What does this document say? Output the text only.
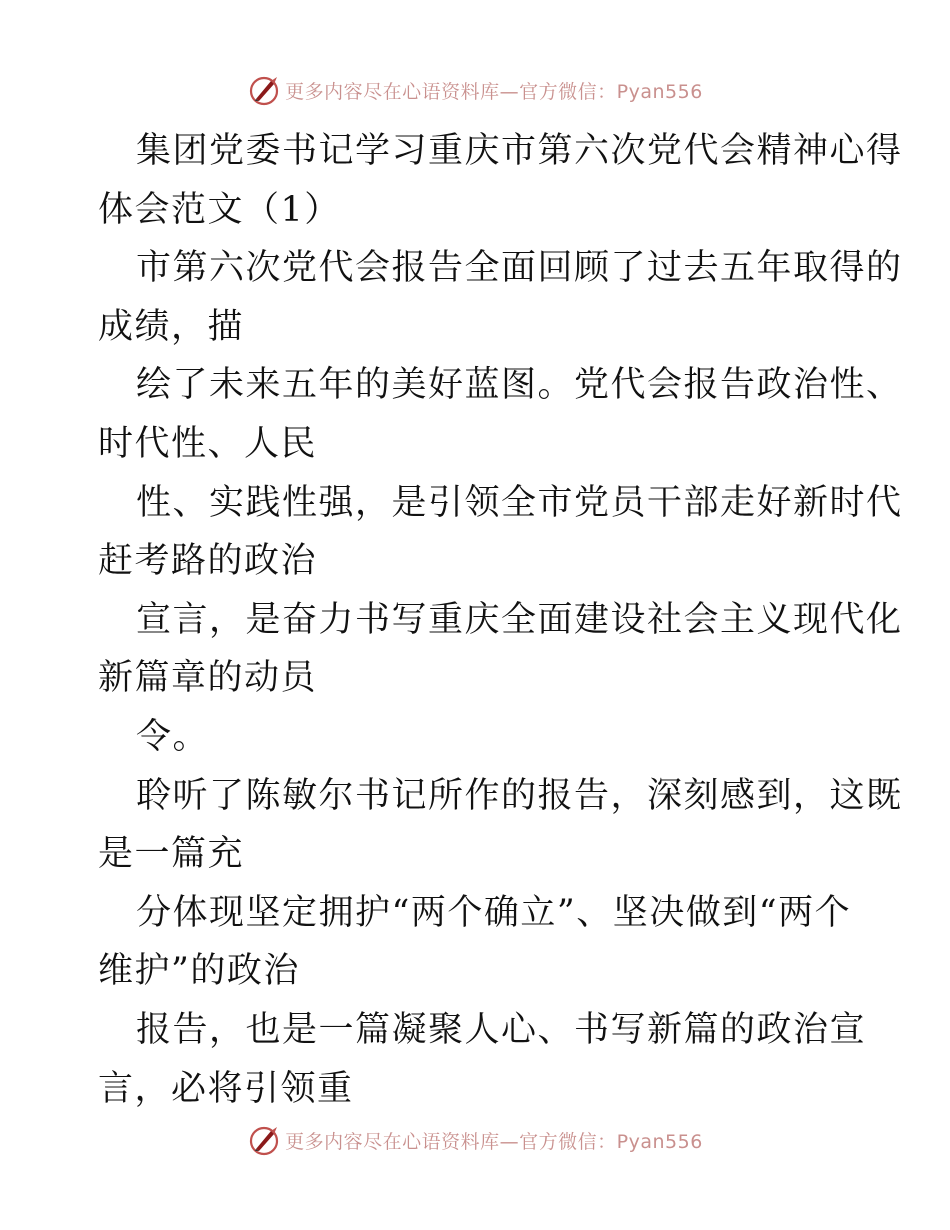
更多内容尽在心语资料库—官方微信：Pyan556
集团党委书记学习重庆市第六次党代会精神心得
体会范文（1）
市第六次党代会报告全面回顾了过去五年取得的
成绩，描
绘了未来五年的美好蓝图。党代会报告政治性、
时代性、人民
性、实践性强，是引领全市党员干部走好新时代
赶考路的政治
宣言，是奋力书写重庆全面建设社会主义现代化
新篇章的动员
令。
聆听了陈敏尔书记所作的报告，深刻感到，这既
是一篇充
分体现坚定拥护“两个确立”、坚决做到“两个
维护”的政治
报告，也是一篇凝聚人心、书写新篇的政治宣
言，必将引领重
更多内容尽在心语资料库—官方微信：Pyan556
